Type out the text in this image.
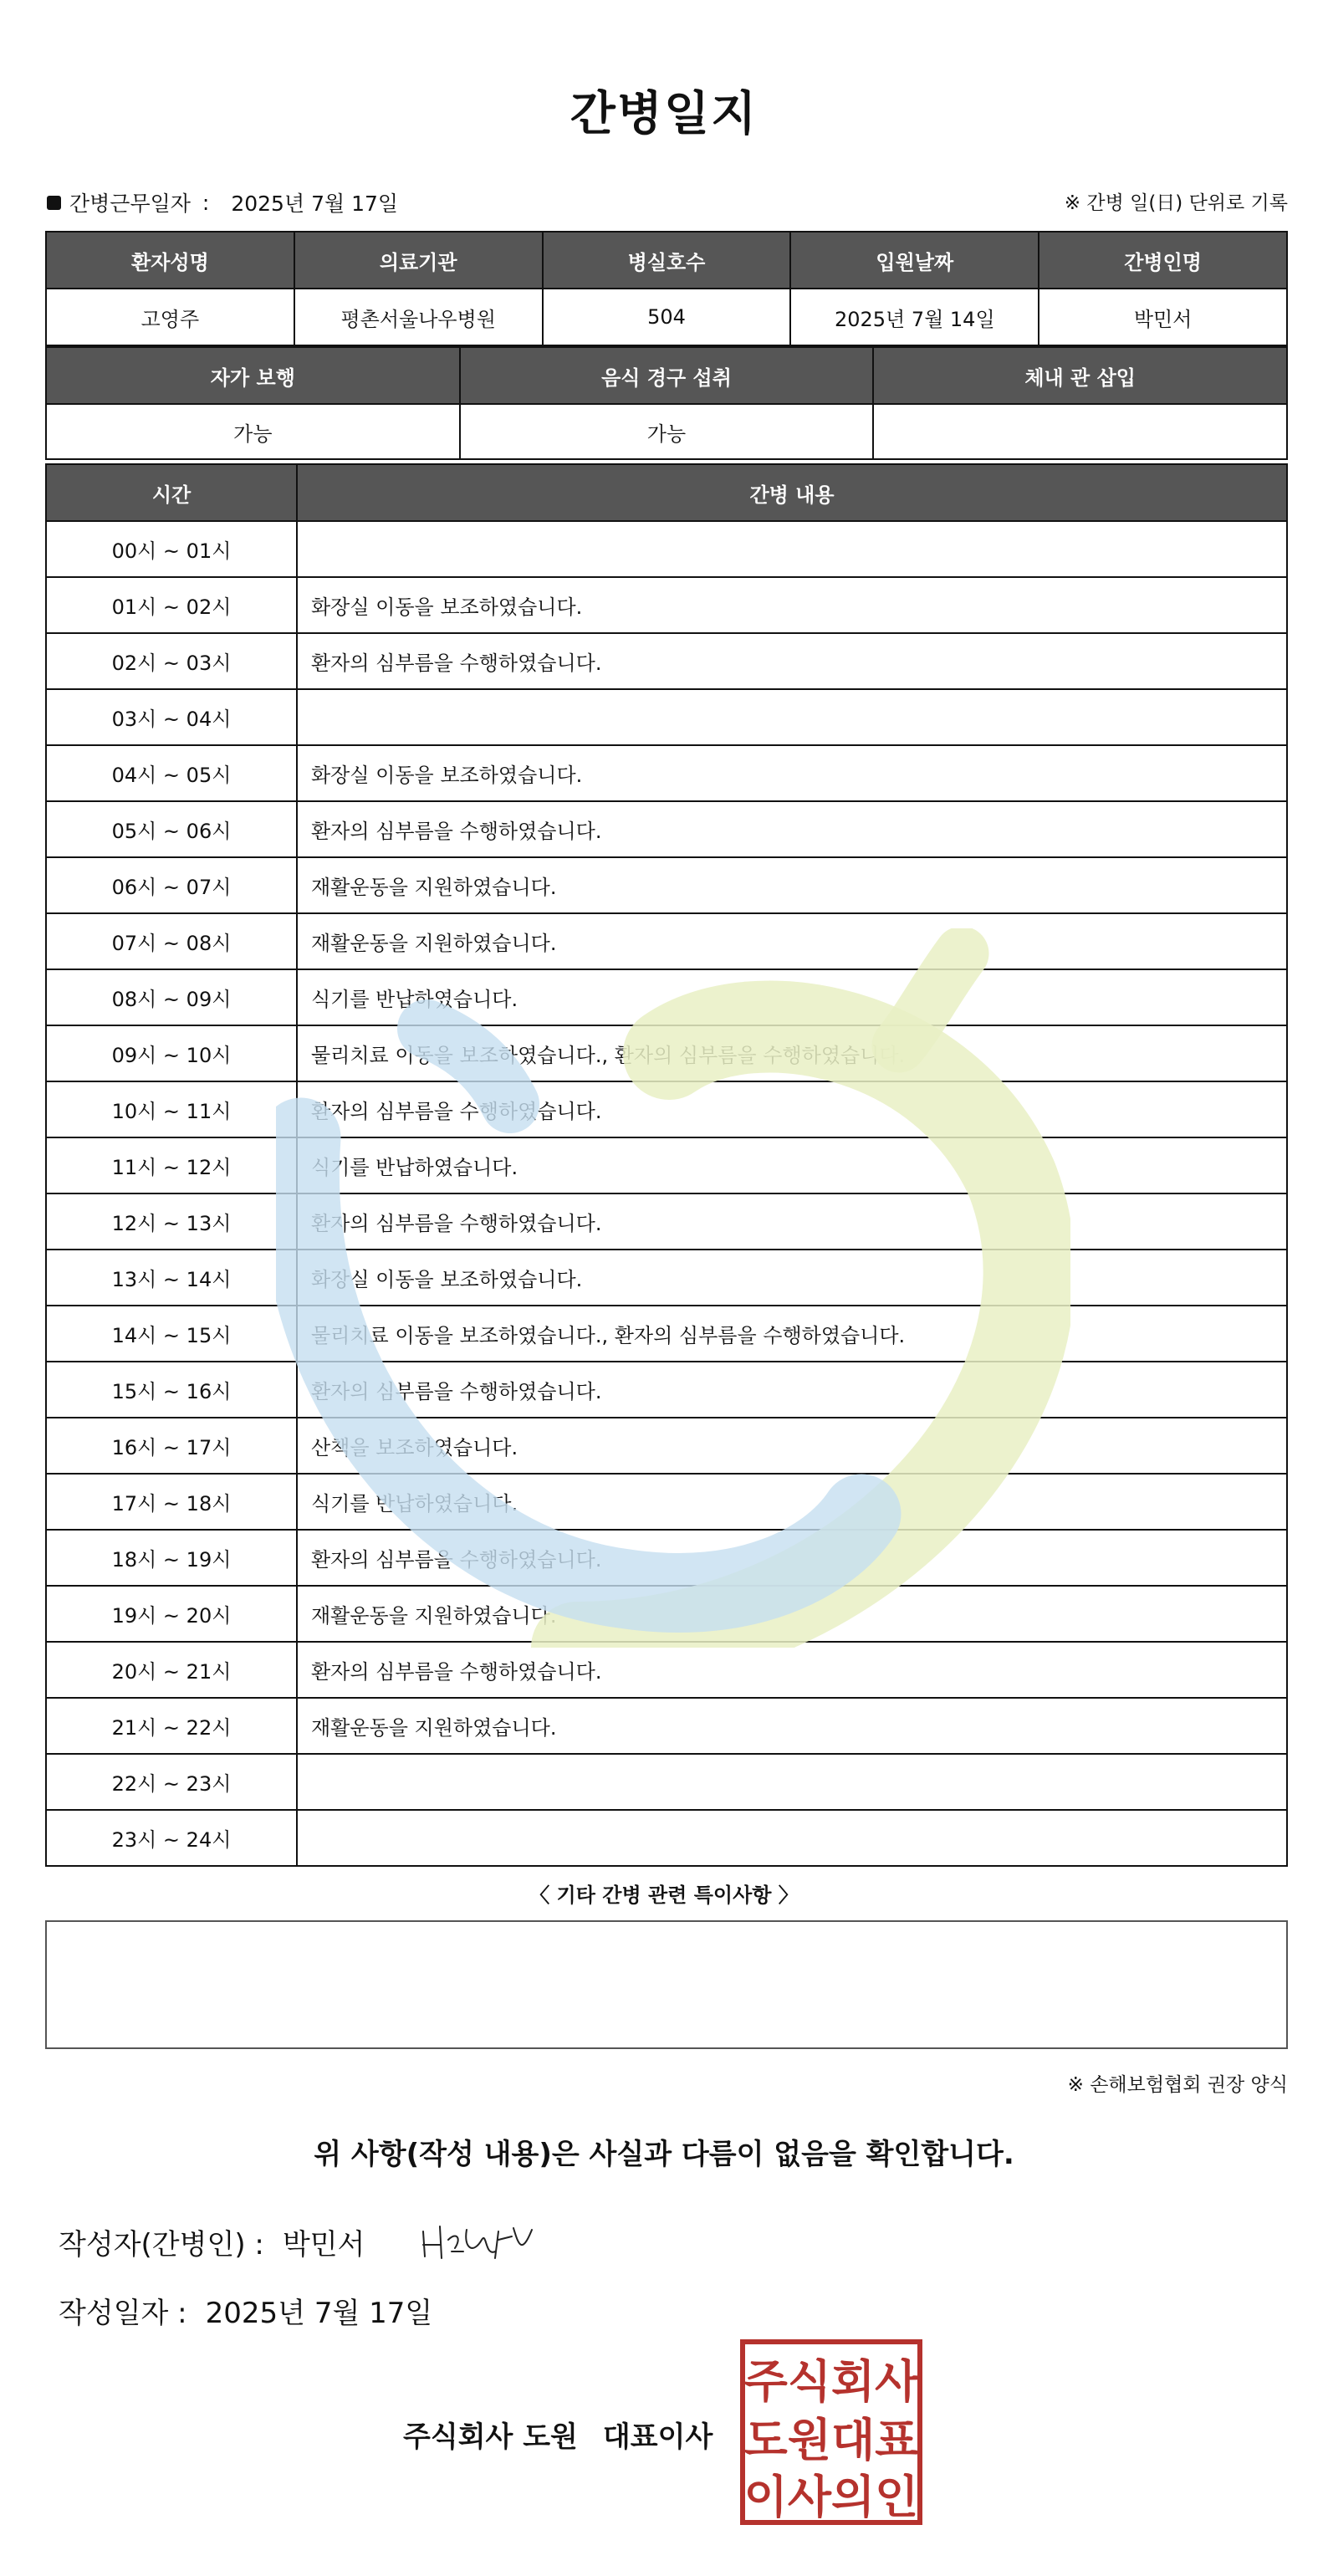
간병일지
간병근무일자 : 2025년 7월 17일	※ 간병 일(日) 단위로 기록
환자성명	의료기관	병실호수	입원날짜	간병인명
고영주	평촌서울나우병원	504	2025년 7월 14일	박민서
자가 보행	음식 경구 섭취	체내 관 삽입
가능	가능	
시간	간병 내용
00시 ~ 01시	
01시 ~ 02시	화장실 이동을 보조하였습니다.
02시 ~ 03시	환자의 심부름을 수행하였습니다.
03시 ~ 04시	
04시 ~ 05시	화장실 이동을 보조하였습니다.
05시 ~ 06시	환자의 심부름을 수행하였습니다.
06시 ~ 07시	재활운동을 지원하였습니다.
07시 ~ 08시	재활운동을 지원하였습니다.
08시 ~ 09시	식기를 반납하였습니다.
09시 ~ 10시	물리치료 이동을 보조하였습니다., 환자의 심부름을 수행하였습니다.
10시 ~ 11시	환자의 심부름을 수행하였습니다.
11시 ~ 12시	식기를 반납하였습니다.
12시 ~ 13시	환자의 심부름을 수행하였습니다.
13시 ~ 14시	화장실 이동을 보조하였습니다.
14시 ~ 15시	물리치료 이동을 보조하였습니다., 환자의 심부름을 수행하였습니다.
15시 ~ 16시	환자의 심부름을 수행하였습니다.
16시 ~ 17시	산책을 보조하였습니다.
17시 ~ 18시	식기를 반납하였습니다.
18시 ~ 19시	환자의 심부름을 수행하였습니다.
19시 ~ 20시	재활운동을 지원하였습니다.
20시 ~ 21시	환자의 심부름을 수행하였습니다.
21시 ~ 22시	재활운동을 지원하였습니다.
22시 ~ 23시	
23시 ~ 24시	
〈 기타 간병 관련 특이사항 〉
※ 손해보험협회 권장 양식
위 사항(작성 내용)은 사실과 다름이 없음을 확인합니다.
작성자(간병인) : 박민서
작성일자 : 2025년 7월 17일
주식회사 도원 대표이사
주식회사
도원대표
이사의인
